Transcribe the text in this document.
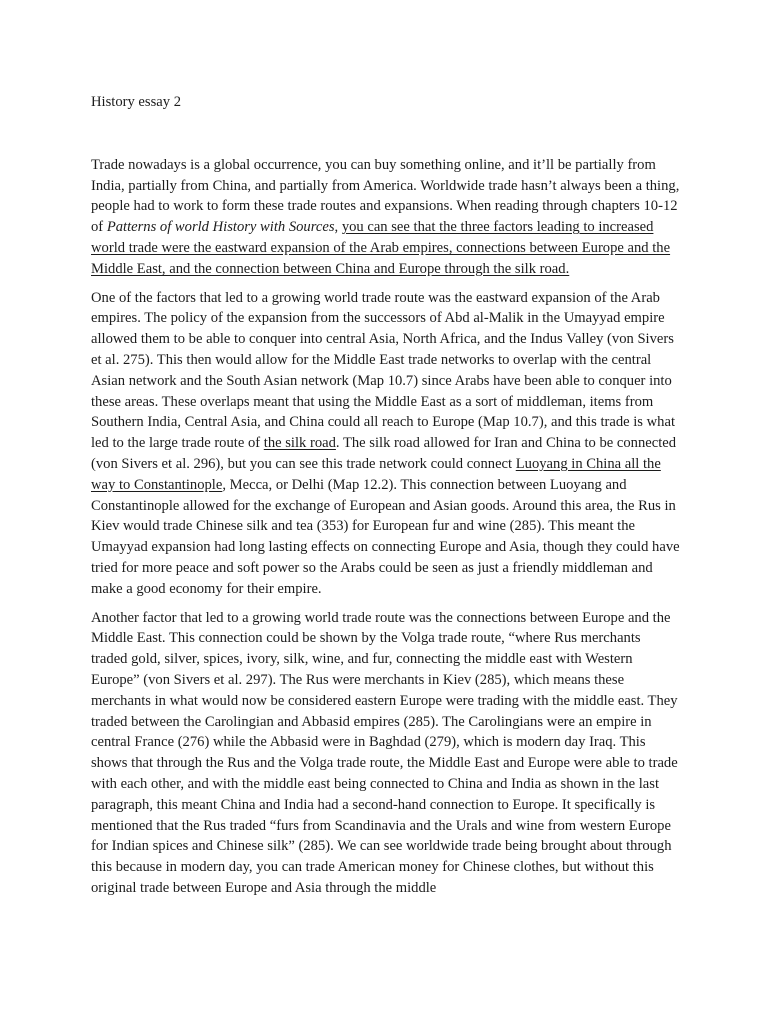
History essay 2

Trade nowadays is a global occurrence, you can buy something online, and it’ll be partially from India, partially from China, and partially from America. Worldwide trade hasn’t always been a thing, people had to work to form these trade routes and expansions. When reading through chapters 10-12 of Patterns of world History with Sources, you can see that the three factors leading to increased world trade were the eastward expansion of the Arab empires, connections between Europe and the Middle East, and the connection between China and Europe through the silk road.

One of the factors that led to a growing world trade route was the eastward expansion of the Arab empires. The policy of the expansion from the successors of Abd al-Malik in the Umayyad empire allowed them to be able to conquer into central Asia, North Africa, and the Indus Valley (von Sivers et al. 275). This then would allow for the Middle East trade networks to overlap with the central Asian network and the South Asian network (Map 10.7) since Arabs have been able to conquer into these areas. These overlaps meant that using the Middle East as a sort of middleman, items from Southern India, Central Asia, and China could all reach to Europe (Map 10.7), and this trade is what led to the large trade route of the silk road. The silk road allowed for Iran and China to be connected (von Sivers et al. 296), but you can see this trade network could connect Luoyang in China all the way to Constantinople, Mecca, or Delhi (Map 12.2). This connection between Luoyang and Constantinople allowed for the exchange of European and Asian goods. Around this area, the Rus in Kiev would trade Chinese silk and tea (353) for European fur and wine (285). This meant the Umayyad expansion had long lasting effects on connecting Europe and Asia, though they could have tried for more peace and soft power so the Arabs could be seen as just a friendly middleman and make a good economy for their empire.

Another factor that led to a growing world trade route was the connections between Europe and the Middle East. This connection could be shown by the Volga trade route, “where Rus merchants traded gold, silver, spices, ivory, silk, wine, and fur, connecting the middle east with Western Europe” (von Sivers et al. 297). The Rus were merchants in Kiev (285), which means these merchants in what would now be considered eastern Europe were trading with the middle east. They traded between the Carolingian and Abbasid empires (285). The Carolingians were an empire in central France (276) while the Abbasid were in Baghdad (279), which is modern day Iraq. This shows that through the Rus and the Volga trade route, the Middle East and Europe were able to trade with each other, and with the middle east being connected to China and India as shown in the last paragraph, this meant China and India had a second-hand connection to Europe. It specifically is mentioned that the Rus traded “furs from Scandinavia and the Urals and wine from western Europe for Indian spices and Chinese silk” (285). We can see worldwide trade being brought about through this because in modern day, you can trade American money for Chinese clothes, but without this original trade between Europe and Asia through the middle
